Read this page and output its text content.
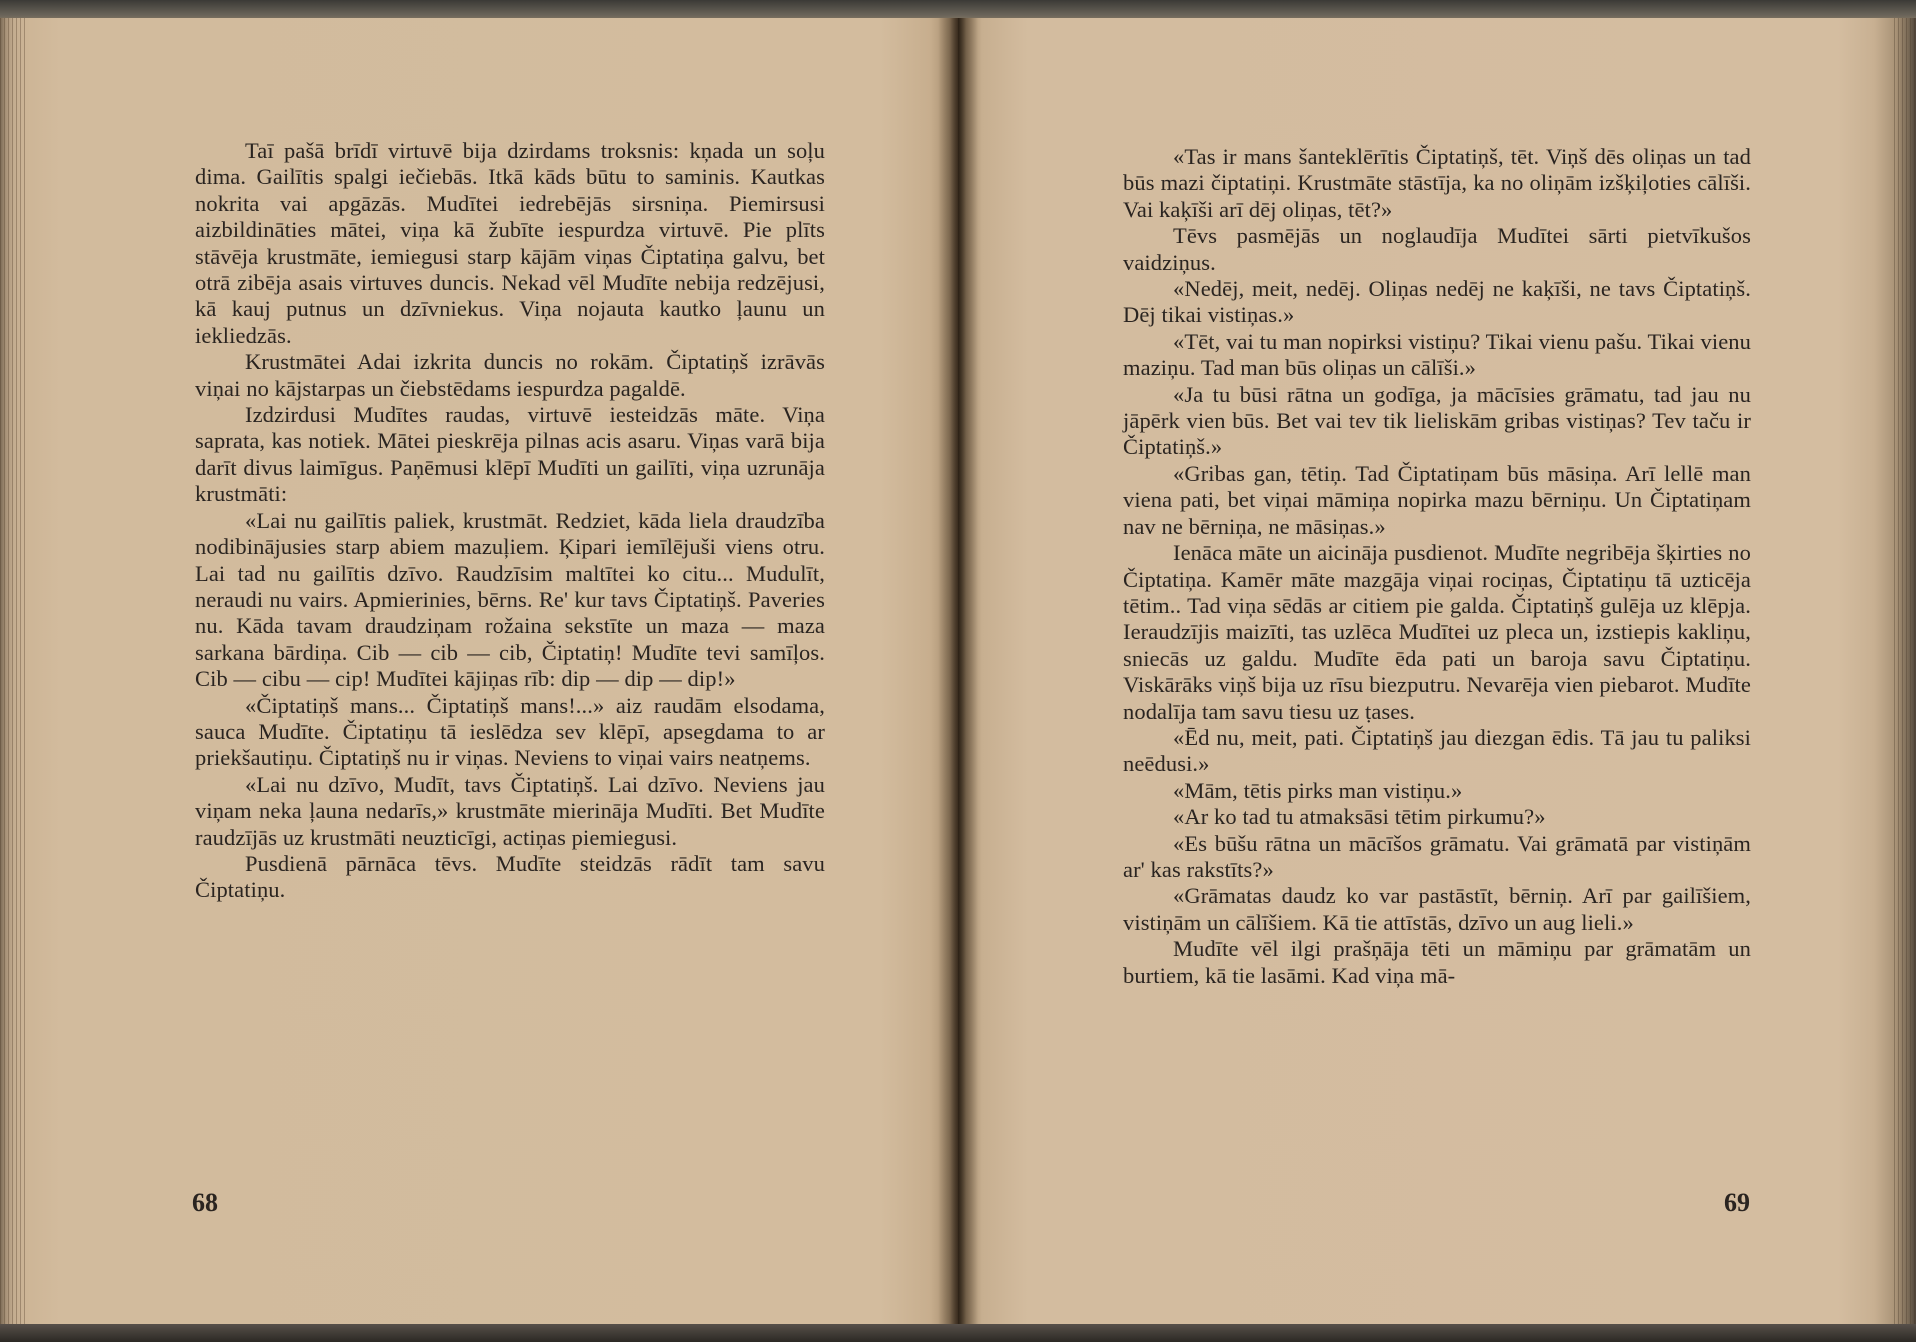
Taī pašā brīdī virtuvē bija dzirdams troksnis: kņada un soļu dima. Gailītis spalgi iečiebās. Itkā kāds būtu to saminis. Kautkas nokrita vai apgāzās. Mudītei iedrebējās sirsniņa. Piemirsusi aizbildināties mātei, viņa kā žubīte iespurdza virtuvē. Pie plīts stāvēja krustmāte, iemiegusi starp kājām viņas Čiptatiņa galvu, bet otrā zibēja asais virtuves duncis. Nekad vēl Mudīte nebija redzējusi, kā kauj putnus un dzīvniekus. Viņa nojauta kautko ļaunu un iekliedzās.

Krustmātei Adai izkrita duncis no rokām. Čiptatiņš izrāvās viņai no kājstarpas un čiebstēdams iespurdza pagaldē.

Izdzirdusi Mudītes raudas, virtuvē iesteidzās māte. Viņa saprata, kas notiek. Mātei pieskrēja pilnas acis asaru. Viņas varā bija darīt divus laimīgus. Paņēmusi klēpī Mudīti un gailīti, viņa uzrunāja krustmāti:

«Lai nu gailītis paliek, krustmāt. Redziet, kāda liela draudzība nodibinājusies starp abiem mazuļiem. Ķipari iemīlējuši viens otru. Lai tad nu gailītis dzīvo. Raudzīsim maltītei ko citu... Mudulīt, neraudi nu vairs. Apmierinies, bērns. Re' kur tavs Čiptatiņš. Paveries nu. Kāda tavam draudziņam rožaina sekstīte un maza — maza sarkana bārdiņa. Cib — cib — cib, Čiptatiņ! Mudīte tevi samīļos. Cib — cibu — cip! Mudītei kājiņas rīb: dip — dip — dip!»

«Čiptatiņš mans... Čiptatiņš mans!...» aiz raudām elsodama, sauca Mudīte. Čiptatiņu tā ieslēdza sev klēpī, apsegdama to ar priekšautiņu. Čiptatiņš nu ir viņas. Neviens to viņai vairs neatņems.

«Lai nu dzīvo, Mudīt, tavs Čiptatiņš. Lai dzīvo. Neviens jau viņam neka ļauna nedarīs,» krustmāte mierināja Mudīti. Bet Mudīte raudzījās uz krustmāti neuzticīgi, actiņas piemiegusi.

Pusdienā pārnāca tēvs. Mudīte steidzās rādīt tam savu Čiptatiņu.

68

«Tas ir mans šanteklērītis Čiptatiņš, tēt. Viņš dēs oliņas un tad būs mazi čiptatiņi. Krustmāte stāstīja, ka no oliņām izšķiļoties cālīši. Vai kaķīši arī dēj oliņas, tēt?»

Tēvs pasmējās un noglaudīja Mudītei sārti pietvīkušos vaidziņus.

«Nedēj, meit, nedēj. Oliņas nedēj ne kaķīši, ne tavs Čiptatiņš. Dēj tikai vistiņas.»

«Tēt, vai tu man nopirksi vistiņu? Tikai vienu pašu. Tikai vienu maziņu. Tad man būs oliņas un cālīši.»

«Ja tu būsi rātna un godīga, ja mācīsies grāmatu, tad jau nu jāpērk vien būs. Bet vai tev tik lieliskām gribas vistiņas? Tev taču ir Čiptatiņš.»

«Gribas gan, tētiņ. Tad Čiptatiņam būs māsiņa. Arī lellē man viena pati, bet viņai māmiņa nopirka mazu bērniņu. Un Čiptatiņam nav ne bērniņa, ne māsiņas.»

Ienāca māte un aicināja pusdienot. Mudīte negribēja šķirties no Čiptatiņa. Kamēr māte mazgāja viņai rociņas, Čiptatiņu tā uzticēja tētim.. Tad viņa sēdās ar citiem pie galda. Čiptatiņš gulēja uz klēpja. Ieraudzījis maizīti, tas uzlēca Mudītei uz pleca un, izstiepis kakliņu, sniecās uz galdu. Mudīte ēda pati un baroja savu Čiptatiņu. Viskārāks viņš bija uz rīsu biezputru. Nevarēja vien piebarot. Mudīte nodalīja tam savu tiesu uz ṭases.

«Ēd nu, meit, pati. Čiptatiņš jau diezgan ēdis. Tā jau tu paliksi neēdusi.»

«Mām, tētis pirks man vistiņu.»

«Ar ko tad tu atmaksāsi tētim pirkumu?»

«Es būšu rātna un mācīšos grāmatu. Vai grāmatā par vistiņām ar' kas rakstīts?»

«Grāmatas daudz ko var pastāstīt, bērniņ. Arī par gailīšiem, vistiņām un cālīšiem. Kā tie attīstās, dzīvo un aug lieli.»

Mudīte vēl ilgi prašņāja tēti un māmiņu par grāmatām un burtiem, kā tie lasāmi. Kad viņa mā-

69
